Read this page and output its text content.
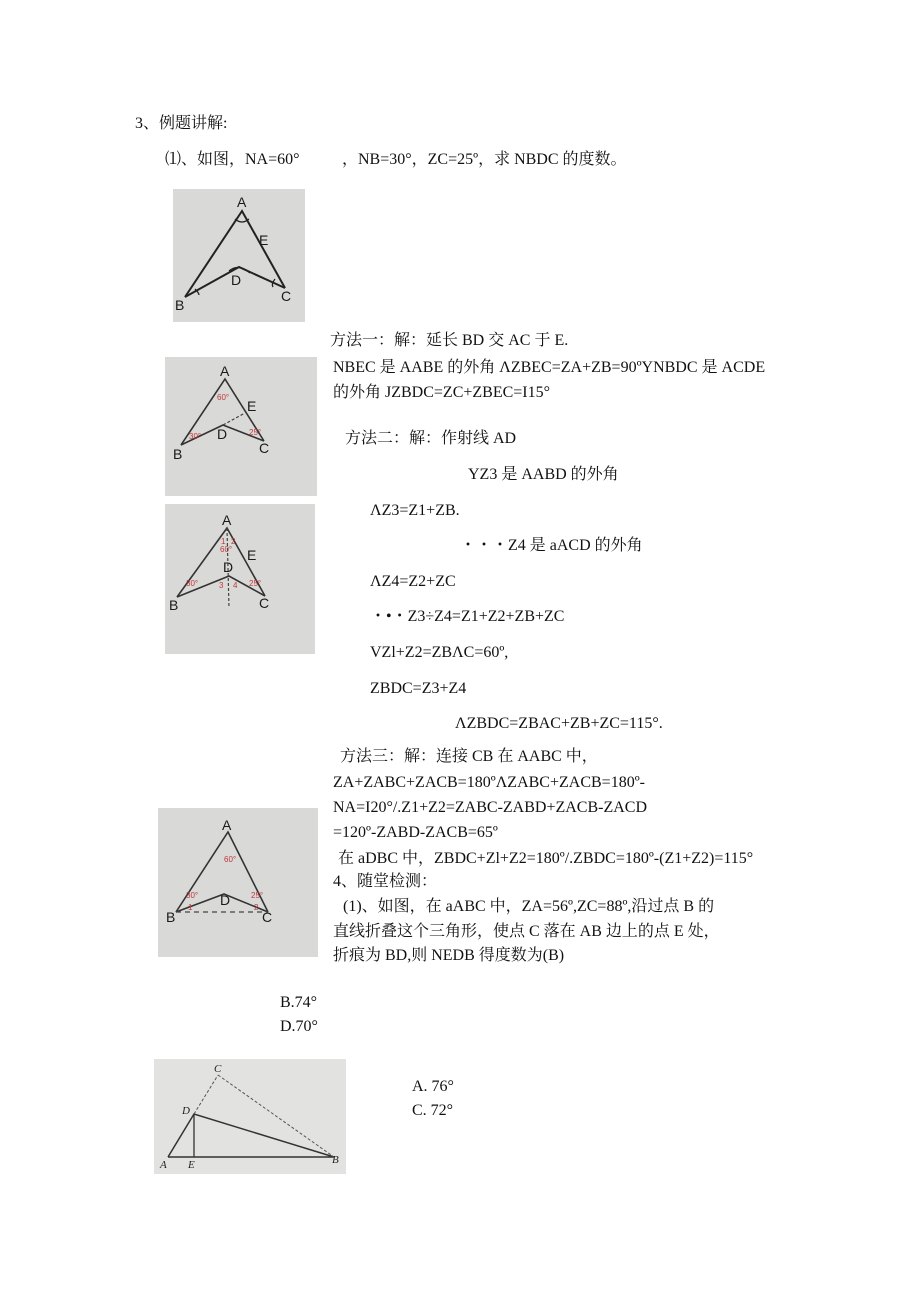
3、例题讲解:
⑴、如图，NA=60°	，NB=30°，ZC=25º，求 NBDC 的度数。
方法一：解：延长 BD 交 AC 于 E.
NBEC 是 AABE 的外角 ΛZBEC=ZA+ZB=90ºYNBDC 是 ACDE
的外角 JZBDC=ZC+ZBEC=I15°
方法二：解：作射线 AD
YZ3 是 AABD 的外角
ΛZ3=Z1+ZB.
・・・Z4 是 aACD 的外角
ΛZ4=Z2+ZC
・•・Z3÷Z4=Z1+Z2+ZB+ZC
VZl+Z2=ZBΛC=60º,
ZBDC=Z3+Z4
ΛZBDC=ZBAC+ZB+ZC=115°.
方法三：解：连接 CB 在 AABC 中，
ZA+ZABC+ZACB=180ºΛZABC+ZACB=180º-
NA=I20°/.Z1+Z2=ZABC-ZABD+ZACB-ZACD
=120º-ZABD-ZACB=65º
在 aDBC 中，ZBDC+Zl+Z2=180º/.ZBDC=180º-(Z1+Z2)=115°
4、随堂检测：
(1)、如图，在 aABC 中，ZA=56º,ZC=88º,沿过点 B 的
直线折叠这个三角形，使点 C 落在 AB 边上的点 E 处，
折痕为 BD,则 NEDB 得度数为(B)
B.74°
D.70°
A. 76°
C. 72°
A
E
D
B
C
60°
30°	25°
A
E
D
B	C
60°
30°	25°
1 2
3 4
A
E
D
B	C
60°
30°	25°
1	2
A
D
B	C
C
D
A E	B
